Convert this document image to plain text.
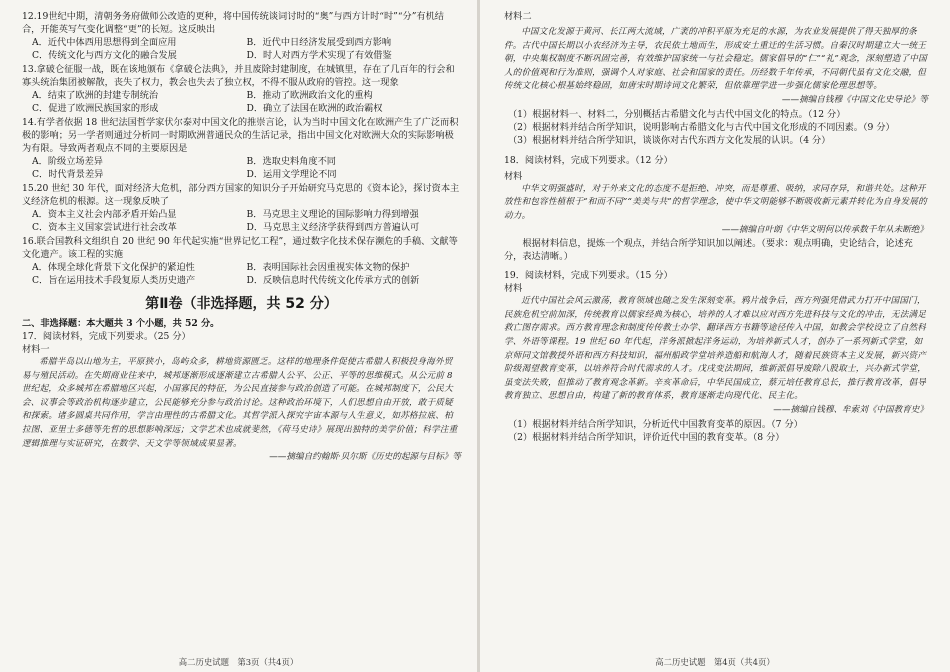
12.19世纪中期，清朝务务府做师公改造的更种，将中国传统谈词讨时的“奥”与西方计时“时”“分”有机结合，开能英写气变化调整“更”的长短。这反映出

A．近代中体西用思想得到全面应用	B．近代中日经济发展受到西方影响
C．传统文化与西方文化的融合发展	D．时人对西方学术实现了有效借鉴

13.拿破仑征服一战，既在该地颁布《拿破仑法典》，并且废除封建制度，在城镇里，存在了几百年的行会和寡头统治集团被解散，丧失了权力，教会也失去了独立权，不得不服从政府的管控。这一现象

A．结束了欧洲的封建专制统治	B．推动了欧洲政治文化的重构
C．促进了欧洲民族国家的形成	D．确立了法国在欧洲的政治霸权

14.有学者依据 18 世纪法国哲学家伏尔泰对中国文化的推崇言论，认为当时中国文化在欧洲产生了广泛而积极的影响；另一学者则通过分析同一时期欧洲普通民众的生活记录，指出中国文化对欧洲大众的实际影响极为有限。导致两者观点不同的主要原因是

A．阶级立场差异	B．选取史料角度不同
C．时代背景差异	D．运用文学理论不同

15.20 世纪 30 年代，面对经济大危机，部分西方国家的知识分子开始研究马克思的《资本论》，探讨资本主义经济危机的根源。这一现象反映了

A．资本主义社会内部矛盾开始凸显	B．马克思主义理论的国际影响力得到增强
C．资本主义国家尝试进行社会改革	D．马克思主义经济学获得到西方普遍认可

16.联合国教科文组织自 20 世纪 90 年代起实施“世界记忆工程”，通过数字化技术保存濒危的手稿、文献等文化遗产。该工程的实施

A．体现全球化背景下文化保护的紧迫性	B．表明国际社会因重视实体文物的保护
C．旨在运用技术手段复原人类历史遗产	D．反映信息时代传统文化传承方式的创新
第Ⅱ卷（非选择题，共 52 分）

二、非选择题：本大题共 3 个小题，共 52 分。

17．阅读材料，完成下列要求。（25 分）

材料一

希腊半岛以山地为主，平原狭小，岛屿众多，耕地资源匮乏。这样的地理条件促使古希腊人积极投身海外贸易与殖民活动。在失期商业往来中，城邦逐渐形成逐渐建立古希腊人公平、公正、平等的思维模式。从公元前 8 世纪起，众多城邦在希腊地区兴起，小国寡民的特征，为公民直接参与政治创造了可能。在城邦制度下，公民大会、议事会等政治机构逐步建立，公民能够充分参与政治讨论。这种政治环境下，人们思想自由开放，敢于质疑和探索。诸多圆桌共同作用，学言由理性的古希腊文化。其哲学派入探究宇宙本源与人生意义，如苏格拉底、柏拉图、亚里士多德等先哲的思想影响深远；文学艺术也成就斐然，《荷马史诗》展现出独特的美学价值；科学注重逻辑推理与实证研究，在数学、天文学等领域成果显著。

——摘编自约翰斯·贝尔斯《历史的起源与目标》等

高二历史试题　第3页（共4页）

材料二

中国文化发源于黄河、长江两大流域，广袤的冲积平原为充足的水源，为农业发展提供了得天独厚的条件。古代中国长期以小农经济为主导，农民依土地而生，形成安土重迁的生活习惯。自秦汉时期建立大一统王朝，中央集权制度不断巩固完善，有效维护国家统一与社会稳定。儒家倡导的“仁”“礼”观念，深刻塑造了中国人的价值观和行为准则，强调个人对家庭、社会和国家的责任。历经数千年传承，不同朝代虽有文化交融，但传统文化核心根基始终稳固，如唐宋时期诗词文化繁荣，但依靠理学进一步强化儒家伦理思想等。

——摘编自钱穆《中国文化史导论》等

（1）根据材料一、材料二，分别概括古希腊文化与古代中国文化的特点。（12 分）

（2）根据材料并结合所学知识，说明影响古希腊文化与古代中国文化形成的不同因素。（9 分）

（3）根据材料并结合所学知识，谈谈你对古代东西方文化发展的认识。（4 分）

18．阅读材料，完成下列要求。（12 分）

材料

中华文明强盛时，对于外来文化的态度不是拒绝、冲突，而是尊重、吸纳，求同存异，和谐共处。这种开放性和包容性植根于“和而不同”“美美与共”的哲学理念，使中华文明能够不断吸收新元素并转化为自身发展的动力。

——摘编自叶朗《中华文明何以传承数千年从未断绝》

根据材料信息，提炼一个观点，并结合所学知识加以阐述。（要求：观点明确，史论结合，论述充分，表达清晰。）

19．阅读材料，完成下列要求。（15 分）

材料

近代中国社会风云激荡，教育领域也随之发生深刻变革。鸦片战争后，西方列强凭借武力打开中国国门，民族危机空前加深，传统教育以儒家经典为核心，培养的人才难以应对西方先进科技与文化的冲击，无法满足救亡图存需求。西方教育理念和制度传传教士办学、翻译西方书籍等途径传入中国，如教会学校设立了自然科学、外语等课程。19 世纪 60 年代起，洋务派掀起洋务运动，为培养新式人才，创办了一系列新式学堂，如京师同文馆教授外语和西方科技知识，福州船政学堂培养造船和航海人才，随着民族资本主义发展，新兴资产阶级渴望教育变革，以培养符合时代需求的人才。戊戌变法期间，维新派倡导废除八股取士，兴办新式学堂，虽变法失败，但推动了教育观念革新。辛亥革命后，中华民国成立，蔡元培任教育总长，推行教育改革，倡导教育独立、思想自由，构建了新的教育体系，教育逐渐走向现代化、民主化。

——摘编自钱穆、牟索刘《中国教育史》

（1）根据材料并结合所学知识，分析近代中国教育变革的原因。（7 分）

（2）根据材料并结合所学知识，评价近代中国的教育变革。（8 分）

高二历史试题　第4页（共4页）
